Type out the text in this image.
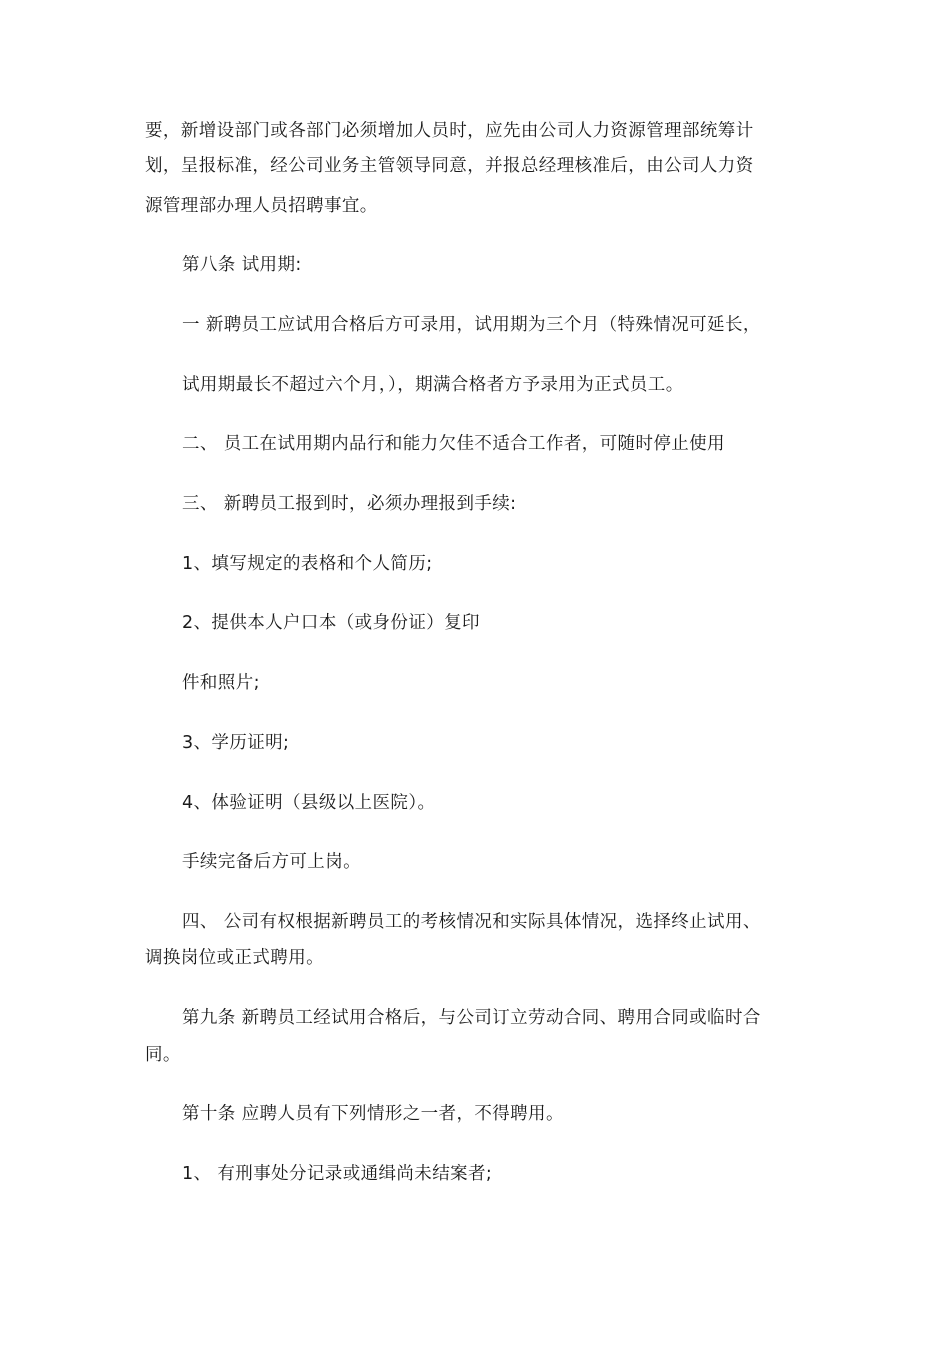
要，新增设部门或各部门必须增加人员时，应先由公司人力资源管理部统筹计
划，呈报标准，经公司业务主管领导同意，并报总经理核准后，由公司人力资
源管理部办理人员招聘事宜。
第八条 试用期:
一 新聘员工应试用合格后方可录用，试用期为三个月（特殊情况可延长，
试用期最长不超过六个月，），期满合格者方予录用为正式员工。
二、 员工在试用期内品行和能力欠佳不适合工作者，可随时停止使用
三、 新聘员工报到时，必须办理报到手续:
1、填写规定的表格和个人简历;
2、提供本人户口本（或身份证）复印
件和照片;
3、学历证明;
4、体验证明（县级以上医院）。
手续完备后方可上岗。
四、 公司有权根据新聘员工的考核情况和实际具体情况，选择终止试用、
调换岗位或正式聘用。
第九条 新聘员工经试用合格后，与公司订立劳动合同、聘用合同或临时合
同。
第十条 应聘人员有下列情形之一者，不得聘用。
1、 有刑事处分记录或通缉尚未结案者;
